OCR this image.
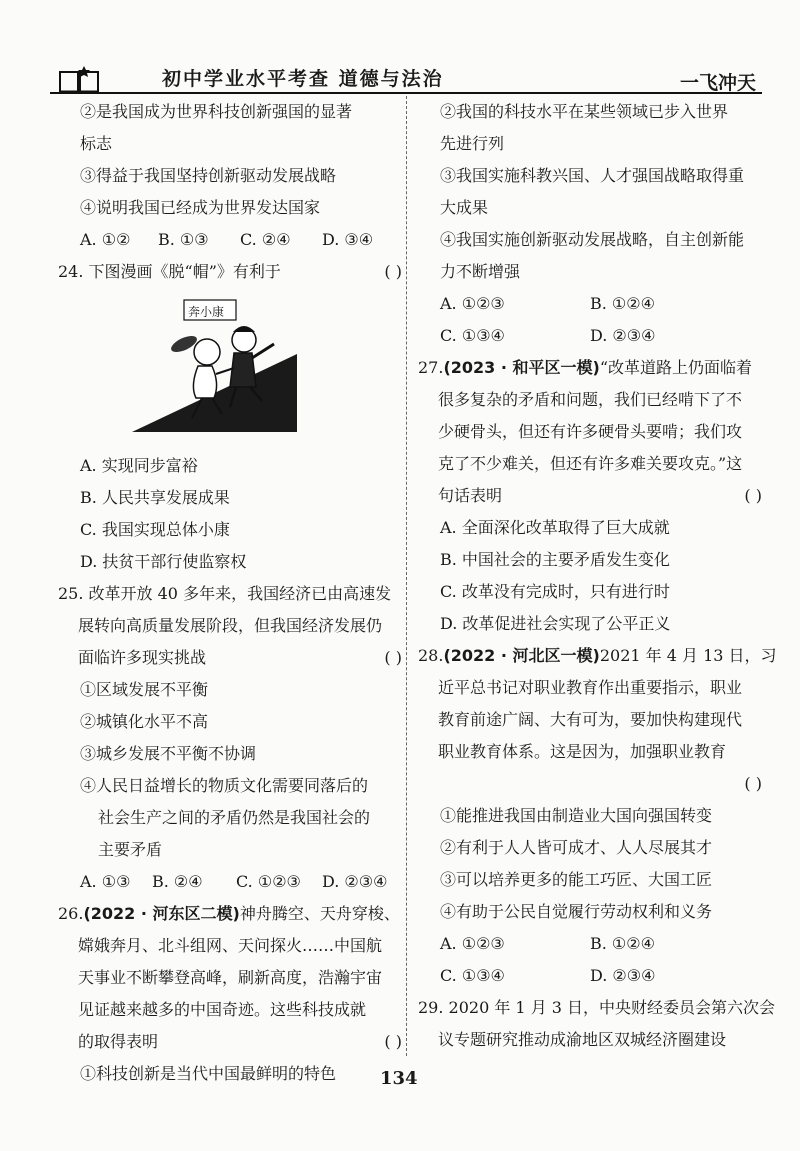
初中学业水平考查 道德与法治	一飞冲天
②是我国成为世界科技创新强国的显著
标志
③得益于我国坚持创新驱动发展战略
④说明我国已经成为世界发达国家
A. ①② B. ①③ C. ②④ D. ③④
24. 下图漫画《脱“帽”》有利于	( )
奔小康
A. 实现同步富裕
B. 人民共享发展成果
C. 我国实现总体小康
D. 扶贫干部行使监察权
25. 改革开放 40 多年来，我国经济已由高速发
展转向高质量发展阶段，但我国经济发展仍
面临许多现实挑战	( )
①区域发展不平衡
②城镇化水平不高
③城乡发展不平衡不协调
④人民日益增长的物质文化需要同落后的
社会生产之间的矛盾仍然是我国社会的
主要矛盾
A. ①③ B. ②④ C. ①②③ D. ②③④
26.(2022 · 河东区二模)神舟腾空、天舟穿梭、
嫦娥奔月、北斗组网、天问探火……中国航
天事业不断攀登高峰，刷新高度，浩瀚宇宙
见证越来越多的中国奇迹。这些科技成就
的取得表明	( )
①科技创新是当代中国最鲜明的特色
②我国的科技水平在某些领域已步入世界
先进行列
③我国实施科教兴国、人才强国战略取得重
大成果
④我国实施创新驱动发展战略，自主创新能
力不断增强
A. ①②③	B. ①②④
C. ①③④	D. ②③④
27.(2023 · 和平区一模)“改革道路上仍面临着
很多复杂的矛盾和问题，我们已经啃下了不
少硬骨头，但还有许多硬骨头要啃；我们攻
克了不少难关，但还有许多难关要攻克。”这
句话表明	( )
A. 全面深化改革取得了巨大成就
B. 中国社会的主要矛盾发生变化
C. 改革没有完成时，只有进行时
D. 改革促进社会实现了公平正义
28.(2022 · 河北区一模)2021 年 4 月 13 日，习
近平总书记对职业教育作出重要指示，职业
教育前途广阔、大有可为，要加快构建现代
职业教育体系。这是因为，加强职业教育
( )
①能推进我国由制造业大国向强国转变
②有利于人人皆可成才、人人尽展其才
③可以培养更多的能工巧匠、大国工匠
④有助于公民自觉履行劳动权利和义务
A. ①②③	B. ①②④
C. ①③④	D. ②③④
29. 2020 年 1 月 3 日，中央财经委员会第六次会
议专题研究推动成渝地区双城经济圈建设
134
